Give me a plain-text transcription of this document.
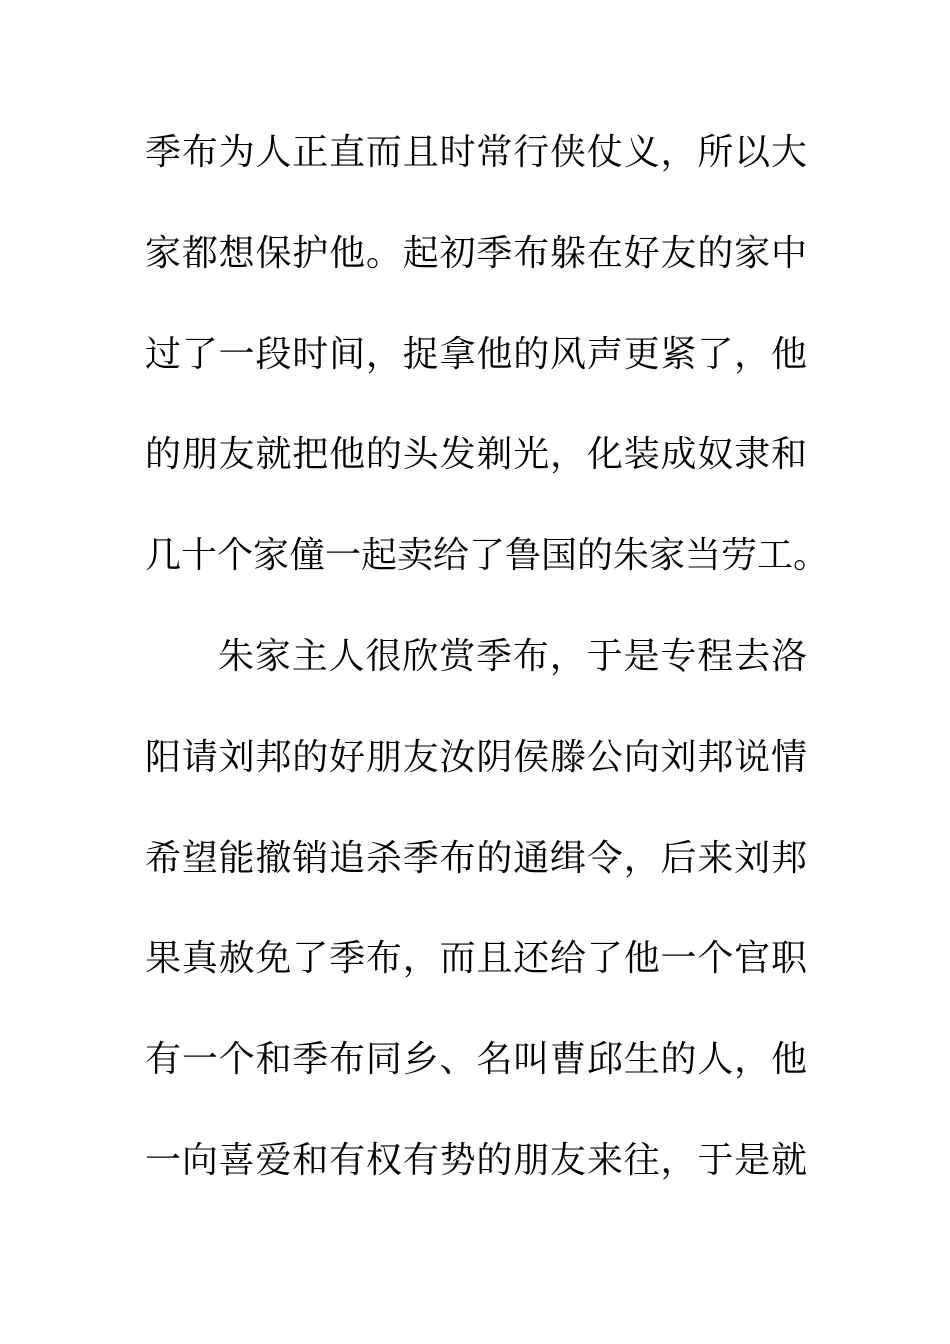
季布为人正直而且时常行侠仗义，所以大
家都想保护他。起初季布躲在好友的家中
过了一段时间，捉拿他的风声更紧了，他
的朋友就把他的头发剃光，化装成奴隶和
几十个家僮一起卖给了鲁国的朱家当劳工。
朱家主人很欣赏季布，于是专程去洛
阳请刘邦的好朋友汝阴侯滕公向刘邦说情
希望能撤销追杀季布的通缉令，后来刘邦
果真赦免了季布，而且还给了他一个官职
有一个和季布同乡、名叫曹邱生的人，他
一向喜爱和有权有势的朋友来往，于是就
